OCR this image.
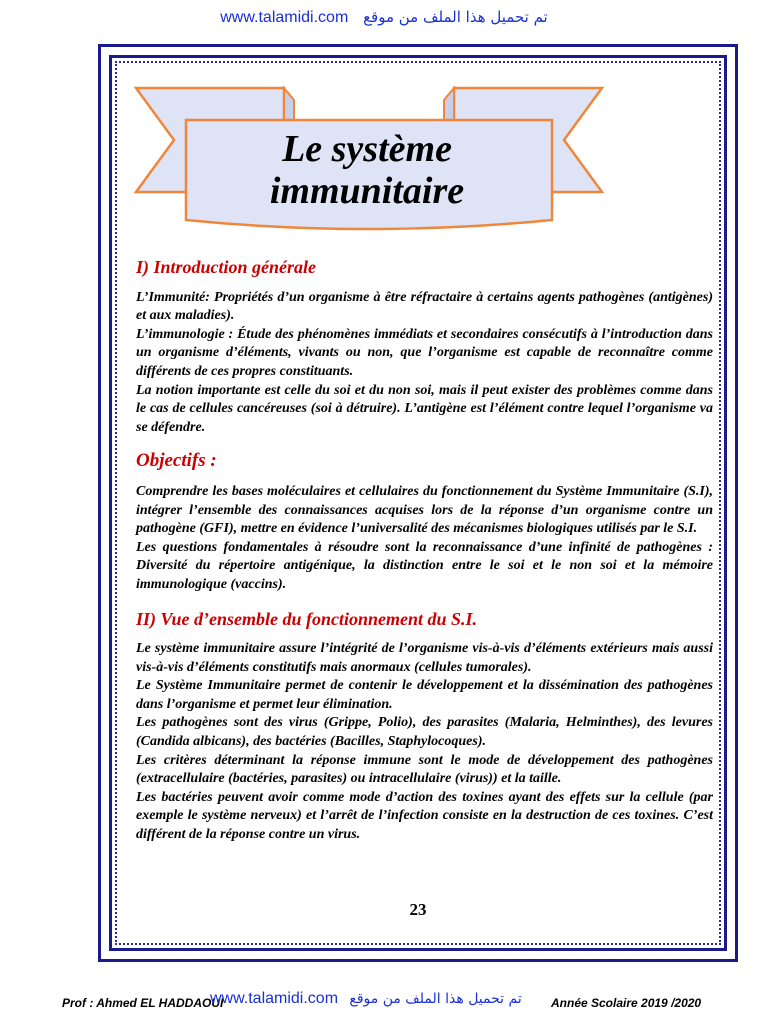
www.talamidi.com تم تحميل هذا الملف من موقع
Le système
immunitaire
I) Introduction générale

L’Immunité: Propriétés d’un organisme à être réfractaire à certains agents pathogènes (antigènes) et aux maladies).

L’immunologie : Étude des phénomènes immédiats et secondaires consécutifs à l’introduction dans un organisme d’éléments, vivants ou non, que l’organisme est capable de reconnaître comme différents de ces propres constituants.

La notion importante est celle du soi et du non soi, mais il peut exister des problèmes comme dans le cas de cellules cancéreuses (soi à détruire). L’antigène est l’élément contre lequel l’organisme va se défendre.

Objectifs :

Comprendre les bases moléculaires et cellulaires du fonctionnement du Système Immunitaire (S.I), intégrer l’ensemble des connaissances acquises lors de la réponse d’un organisme contre un pathogène (GFI), mettre en évidence l’universalité des mécanismes biologiques utilisés par le S.I.

Les questions fondamentales à résoudre sont la reconnaissance d’une infinité de pathogènes : Diversité du répertoire antigénique, la distinction entre le soi et le non soi et la mémoire immunologique (vaccins).

II) Vue d’ensemble du fonctionnement du S.I.

Le système immunitaire assure l’intégrité de l’organisme vis-à-vis d’éléments extérieurs mais aussi vis-à-vis d’éléments constitutifs mais anormaux (cellules tumorales).

Le Système Immunitaire permet de contenir le développement et la dissémination des pathogènes dans l’organisme et permet leur élimination.

Les pathogènes sont des virus (Grippe, Polio), des parasites (Malaria, Helminthes), des levures (Candida albicans), des bactéries (Bacilles, Staphylocoques).

Les critères déterminant la réponse immune sont le mode de développement des pathogènes (extracellulaire (bactéries, parasites) ou intracellulaire (virus)) et la taille.

Les bactéries peuvent avoir comme mode d’action des toxines ayant des effets sur la cellule (par exemple le système nerveux) et l’arrêt de l’infection consiste en la destruction de ces toxines. C’est différent de la réponse contre un virus.

23
Prof : Ahmed EL HADDAOUI
www.talamidi.com تم تحميل هذا الملف من موقع Année Scolaire 2019 /2020
